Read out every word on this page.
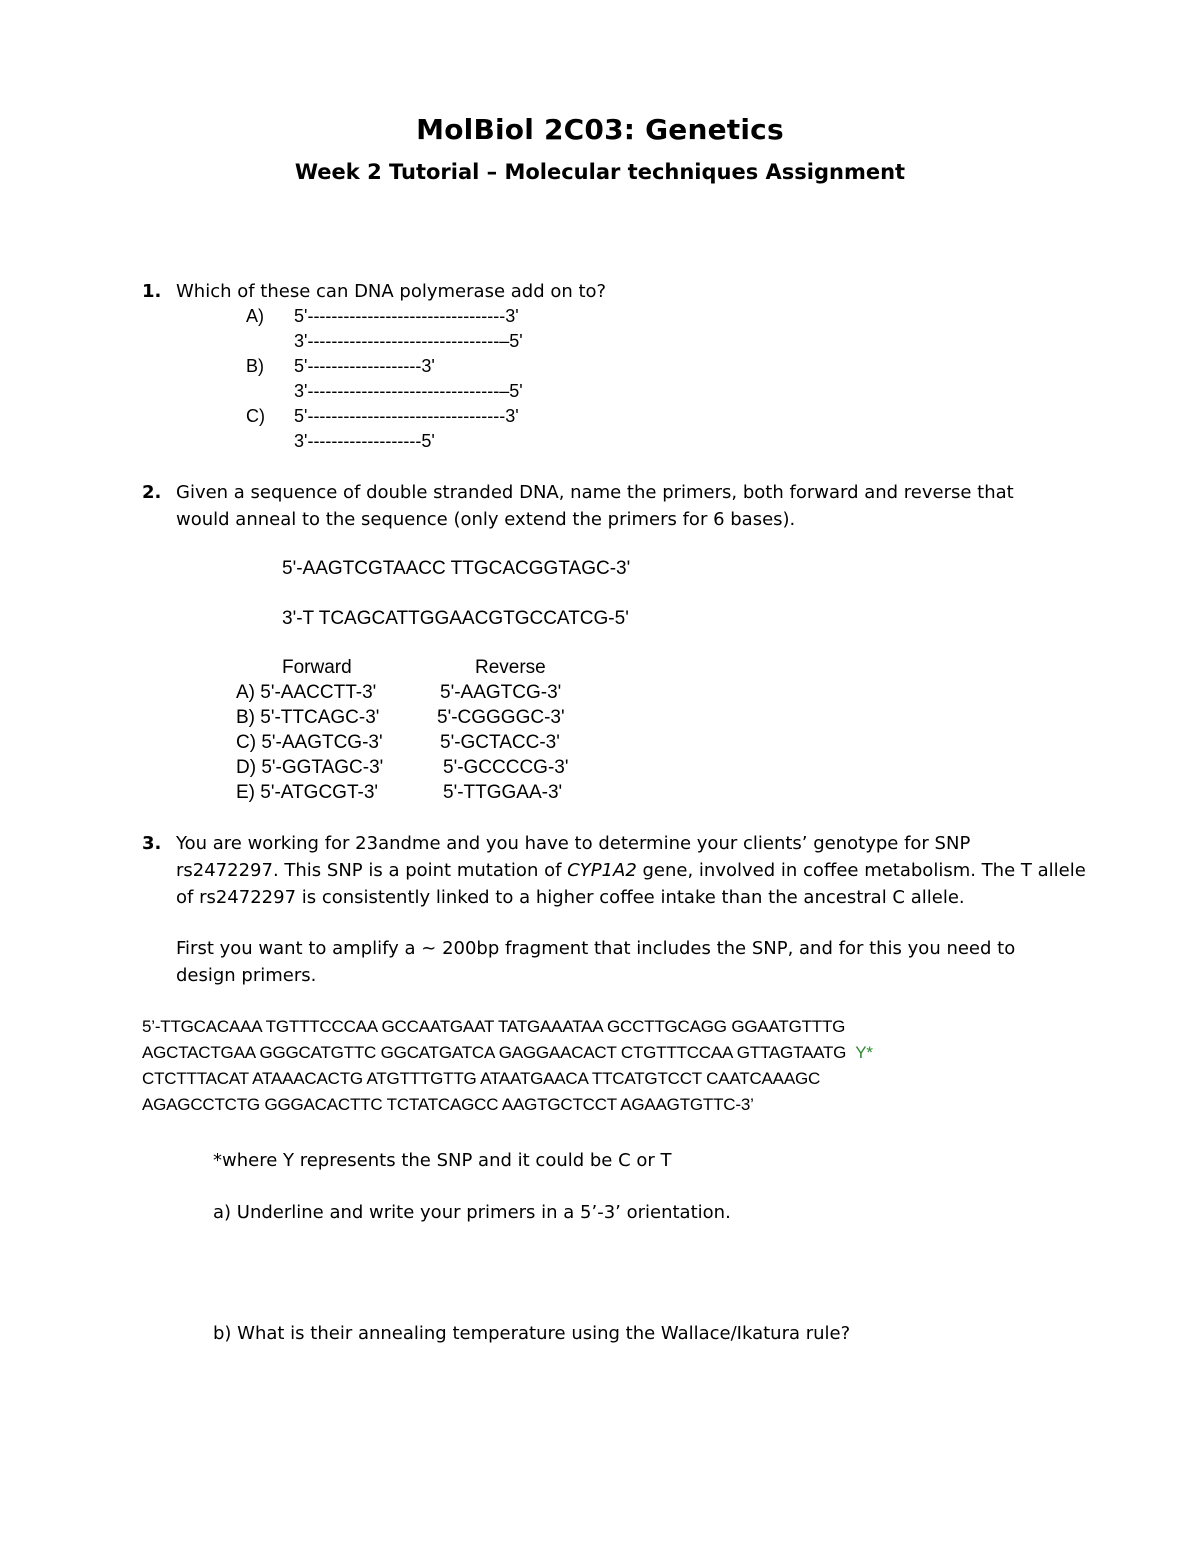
MolBiol 2C03: Genetics
Week 2 Tutorial – Molecular techniques Assignment
1. Which of these can DNA polymerase add on to?
A) 5'---------------------------------3'
3'--------------------------------–5'
B) 5'-------------------3'
3'--------------------------------–5'
C) 5'---------------------------------3'
3'-------------------5'
2. Given a sequence of double stranded DNA, name the primers, both forward and reverse that
would anneal to the sequence (only extend the primers for 6 bases).
5'-AAGTCGTAACC TTGCACGGTAGC-3'
3'-T TCAGCATTGGAACGTGCCATCG-5'
Forward	Reverse
A) 5'-AACCTT-3'	5'-AAGTCG-3'
B) 5'-TTCAGC-3'	5'-CGGGGC-3'
C) 5'-AAGTCG-3'	5'-GCTACC-3'
D) 5'-GGTAGC-3'	5'-GCCCCG-3'
E) 5'-ATGCGT-3'	5'-TTGGAA-3'
3. You are working for 23andme and you have to determine your clients’ genotype for SNP
rs2472297. This SNP is a point mutation of CYP1A2 gene, involved in coffee metabolism. The T allele
of rs2472297 is consistently linked to a higher coffee intake than the ancestral C allele.
First you want to amplify a ~ 200bp fragment that includes the SNP, and for this you need to
design primers.
5’-TTGCACAAA TGTTTCCCAA GCCAATGAAT TATGAAATAA GCCTTGCAGG GGAATGTTTG
AGCTACTGAA GGGCATGTTC GGCATGATCA GAGGAACACT CTGTTTCCAA GTTAGTAATG Y*
CTCTTTACAT ATAAACACTG ATGTTTGTTG ATAATGAACA TTCATGTCCT CAATCAAAGC
AGAGCCTCTG GGGACACTTC TCTATCAGCC AAGTGCTCCT AGAAGTGTTC-3’
*where Y represents the SNP and it could be C or T
a) Underline and write your primers in a 5’-3’ orientation.
b) What is their annealing temperature using the Wallace/Ikatura rule?
